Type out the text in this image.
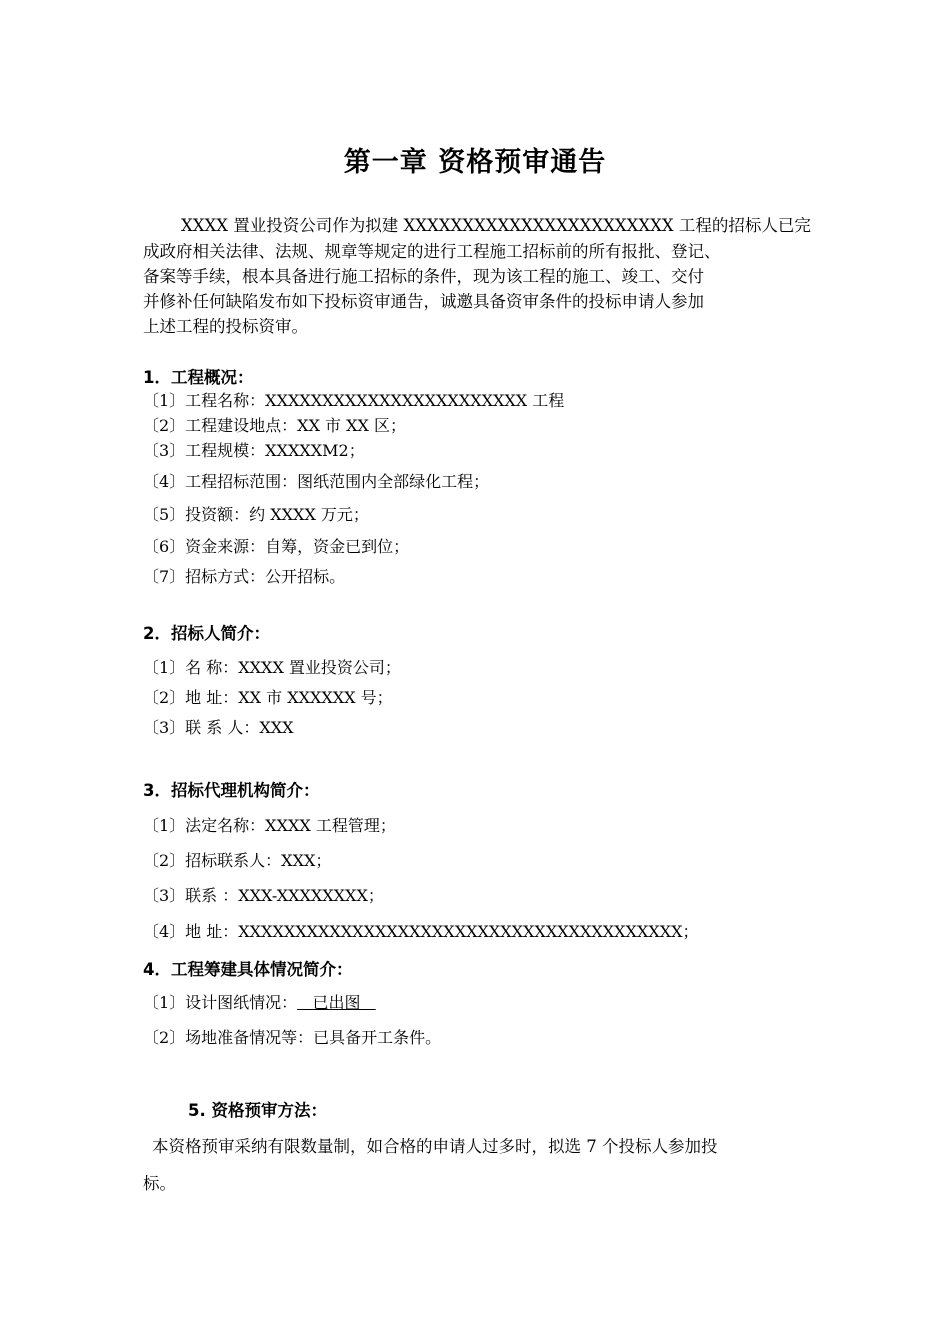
第一章 资格预审通告
XXXX 置业投资公司作为拟建 XXXXXXXXXXXXXXXXXXXXXXX 工程的招标人已完
成政府相关法律、法规、规章等规定的进行工程施工招标前的所有报批、登记、
备案等手续，根本具备进行施工招标的条件，现为该工程的施工、竣工、交付
并修补任何缺陷发布如下投标资审通告，诚邀具备资审条件的投标申请人参加
上述工程的投标资审。
1．工程概况：
〔1〕工程名称：XXXXXXXXXXXXXXXXXXXXXXX 工程
〔2〕工程建设地点：XX 市 XX 区；
〔3〕工程规模：XXXXXM2；
〔4〕工程招标范围：图纸范围内全部绿化工程；
〔5〕投资额：约 XXXX 万元；
〔6〕资金来源：自筹，资金已到位；
〔7〕招标方式：公开招标。
2．招标人简介：
〔1〕名 称：XXXX 置业投资公司；
〔2〕地 址：XX 市 XXXXXX 号；
〔3〕联 系 人：XXX
3．招标代理机构简介：
〔1〕法定名称：XXXX 工程管理；
〔2〕招标联系人：XXX；
〔3〕联系 ：XXX-XXXXXXXX；
〔4〕地 址：XXXXXXXXXXXXXXXXXXXXXXXXXXXXXXXXXXXXXXX；
4．工程筹建具体情况简介：
〔1〕设计图纸情况： 已出图
〔2〕场地准备情况等：已具备开工条件。
5. 资格预审方法：
本资格预审采纳有限数量制，如合格的申请人过多时，拟选 7 个投标人参加投
标。
